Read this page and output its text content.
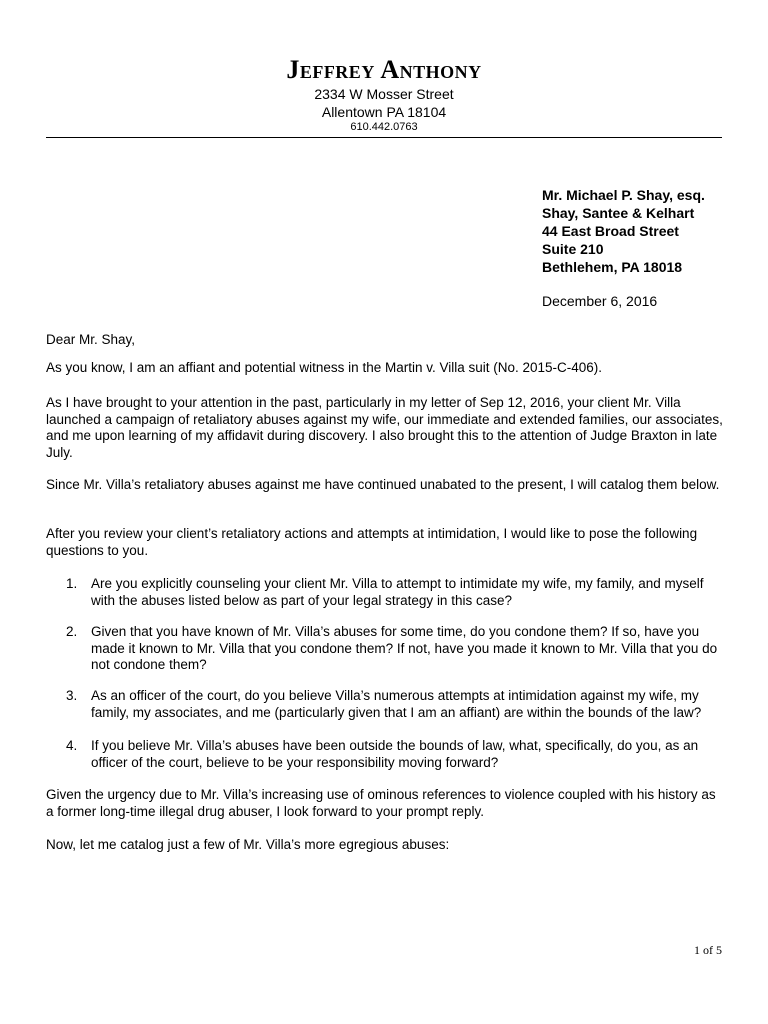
Jeffrey Anthony

2334 W Mosser Street

Allentown PA 18104

610.442.0763

Mr. Michael P. Shay, esq.
Shay, Santee & Kelhart
44 East Broad Street
Suite 210
Bethlehem, PA 18018
December 6, 2016

Dear Mr. Shay,

As you know, I am an affiant and potential witness in the Martin v. Villa suit (No. 2015-C-406).

As I have brought to your attention in the past, particularly in my letter of Sep 12, 2016, your client Mr. Villa launched a campaign of retaliatory abuses against my wife, our immediate and extended families, our associates, and me upon learning of my affidavit during discovery. I also brought this to the attention of Judge Braxton in late July.

Since Mr. Villa’s retaliatory abuses against me have continued unabated to the present, I will catalog them below.

After you review your client’s retaliatory actions and attempts at intimidation, I would like to pose the following questions to you.

1.	Are you explicitly counseling your client Mr. Villa to attempt to intimidate my wife, my family, and myself with the abuses listed below as part of your legal strategy in this case?
2.	Given that you have known of Mr. Villa’s abuses for some time, do you condone them? If so, have you made it known to Mr. Villa that you condone them? If not, have you made it known to Mr. Villa that you do not condone them?
3.	As an officer of the court, do you believe Villa’s numerous attempts at intimidation against my wife, my family, my associates, and me (particularly given that I am an affiant) are within the bounds of the law?
4.	If you believe Mr. Villa’s abuses have been outside the bounds of law, what, specifically, do you, as an officer of the court, believe to be your responsibility moving forward?

Given the urgency due to Mr. Villa’s increasing use of ominous references to violence coupled with his history as a former long-time illegal drug abuser, I look forward to your prompt reply.

Now, let me catalog just a few of Mr. Villa’s more egregious abuses:

1 of 5
